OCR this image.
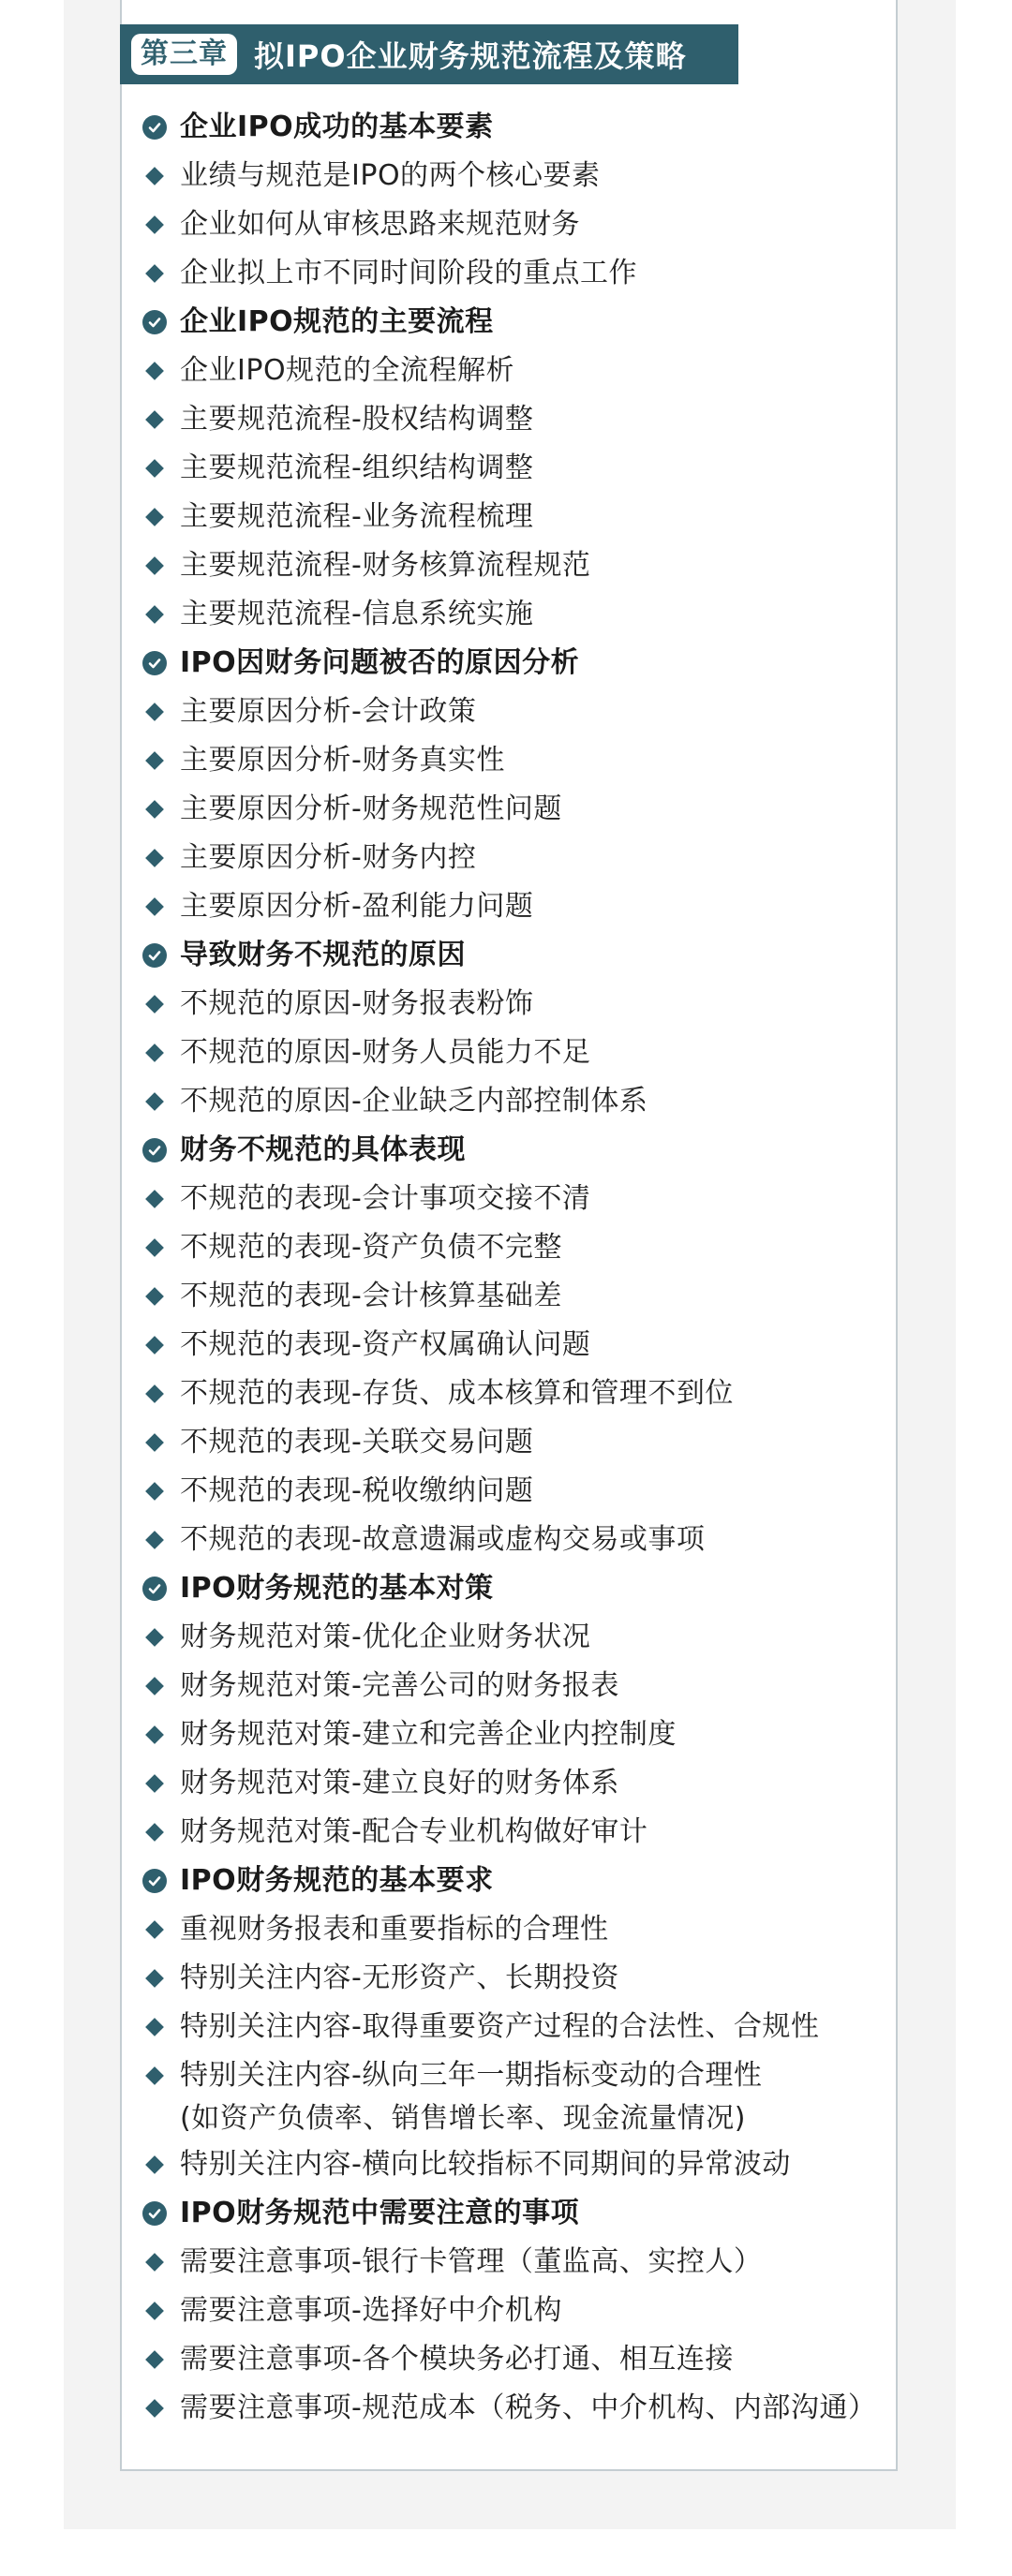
第三章 拟IPO企业财务规范流程及策略
企业IPO成功的基本要素
业绩与规范是IPO的两个核心要素
企业如何从审核思路来规范财务
企业拟上市不同时间阶段的重点工作
企业IPO规范的主要流程
企业IPO规范的全流程解析
主要规范流程-股权结构调整
主要规范流程-组织结构调整
主要规范流程-业务流程梳理
主要规范流程-财务核算流程规范
主要规范流程-信息系统实施
IPO因财务问题被否的原因分析
主要原因分析-会计政策
主要原因分析-财务真实性
主要原因分析-财务规范性问题
主要原因分析-财务内控
主要原因分析-盈利能力问题
导致财务不规范的原因
不规范的原因-财务报表粉饰
不规范的原因-财务人员能力不足
不规范的原因-企业缺乏内部控制体系
财务不规范的具体表现
不规范的表现-会计事项交接不清
不规范的表现-资产负债不完整
不规范的表现-会计核算基础差
不规范的表现-资产权属确认问题
不规范的表现-存货、成本核算和管理不到位
不规范的表现-关联交易问题
不规范的表现-税收缴纳问题
不规范的表现-故意遗漏或虚构交易或事项
IPO财务规范的基本对策
财务规范对策-优化企业财务状况
财务规范对策-完善公司的财务报表
财务规范对策-建立和完善企业内控制度
财务规范对策-建立良好的财务体系
财务规范对策-配合专业机构做好审计
IPO财务规范的基本要求
重视财务报表和重要指标的合理性
特别关注内容-无形资产、长期投资
特别关注内容-取得重要资产过程的合法性、合规性
特别关注内容-纵向三年一期指标变动的合理性
(如资产负债率、销售增长率、现金流量情况)
特别关注内容-横向比较指标不同期间的异常波动
IPO财务规范中需要注意的事项
需要注意事项-银行卡管理（董监高、实控人）
需要注意事项-选择好中介机构
需要注意事项-各个模块务必打通、相互连接
需要注意事项-规范成本（税务、中介机构、内部沟通）
